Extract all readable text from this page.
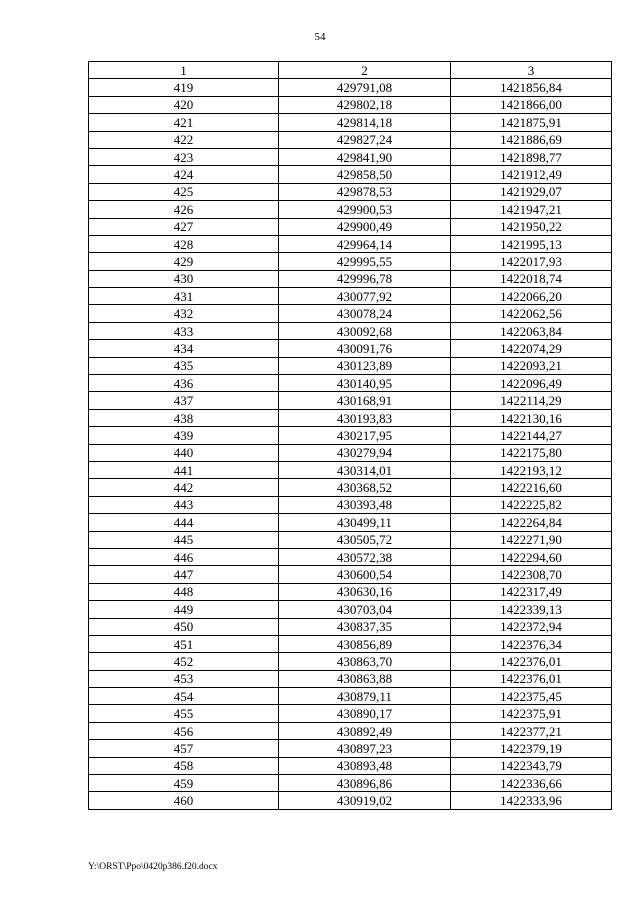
54
1	2	3
419	429791,08	1421856,84
420	429802,18	1421866,00
421	429814,18	1421875,91
422	429827,24	1421886,69
423	429841,90	1421898,77
424	429858,50	1421912,49
425	429878,53	1421929,07
426	429900,53	1421947,21
427	429900,49	1421950,22
428	429964,14	1421995,13
429	429995,55	1422017,93
430	429996,78	1422018,74
431	430077,92	1422066,20
432	430078,24	1422062,56
433	430092,68	1422063,84
434	430091,76	1422074,29
435	430123,89	1422093,21
436	430140,95	1422096,49
437	430168,91	1422114,29
438	430193,83	1422130,16
439	430217,95	1422144,27
440	430279,94	1422175,80
441	430314,01	1422193,12
442	430368,52	1422216,60
443	430393,48	1422225,82
444	430499,11	1422264,84
445	430505,72	1422271,90
446	430572,38	1422294,60
447	430600,54	1422308,70
448	430630,16	1422317,49
449	430703,04	1422339,13
450	430837,35	1422372,94
451	430856,89	1422376,34
452	430863,70	1422376,01
453	430863,88	1422376,01
454	430879,11	1422375,45
455	430890,17	1422375,91
456	430892,49	1422377,21
457	430897,23	1422379,19
458	430893,48	1422343,79
459	430896,86	1422336,66
460	430919,02	1422333,96
Y:\ORST\Ppo\0420p386.f20.docx
